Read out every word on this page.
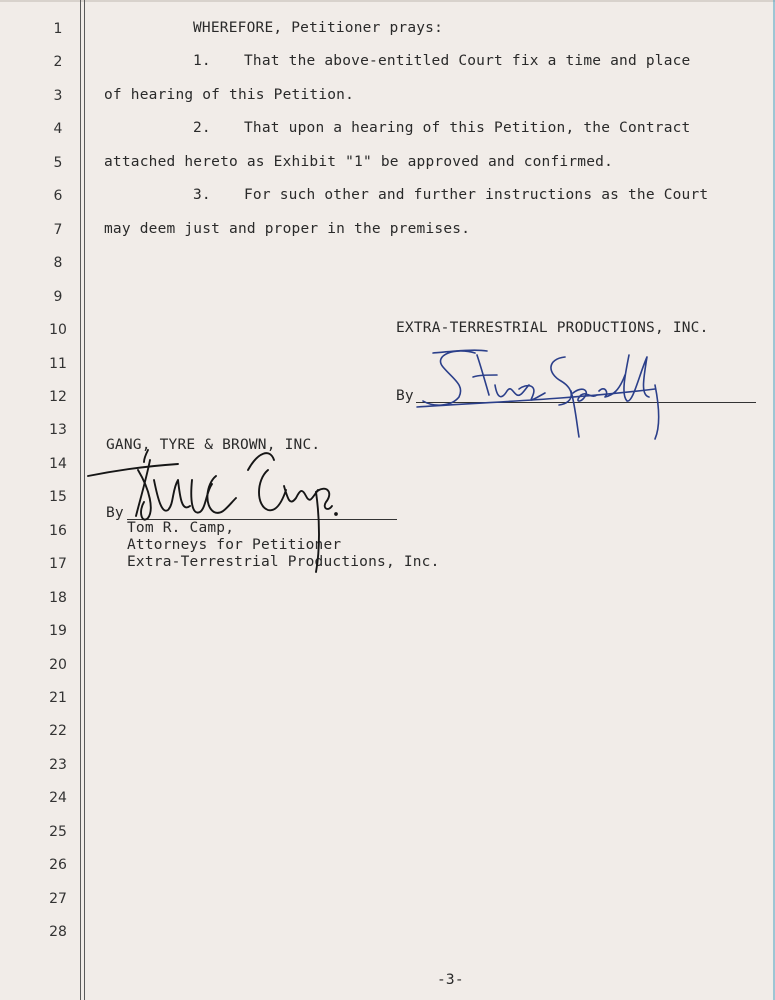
1
2
3
4
5
6
7
8
9
10
11
12
13
14
15
16
17
18
19
20
21
22
23
24
25
26
27
28
WHEREFORE, Petitioner prays:
1. That the above-entitled Court fix a time and place
of hearing of this Petition.
2. That upon a hearing of this Petition, the Contract
attached hereto as Exhibit "1" be approved and confirmed.
3. For such other and further instructions as the Court
may deem just and proper in the premises.
EXTRA-TERRESTRIAL PRODUCTIONS, INC.
By
GANG, TYRE & BROWN, INC.
By
Tom R. Camp,
Attorneys for Petitioner
Extra-Terrestrial Productions, Inc.
-3-
